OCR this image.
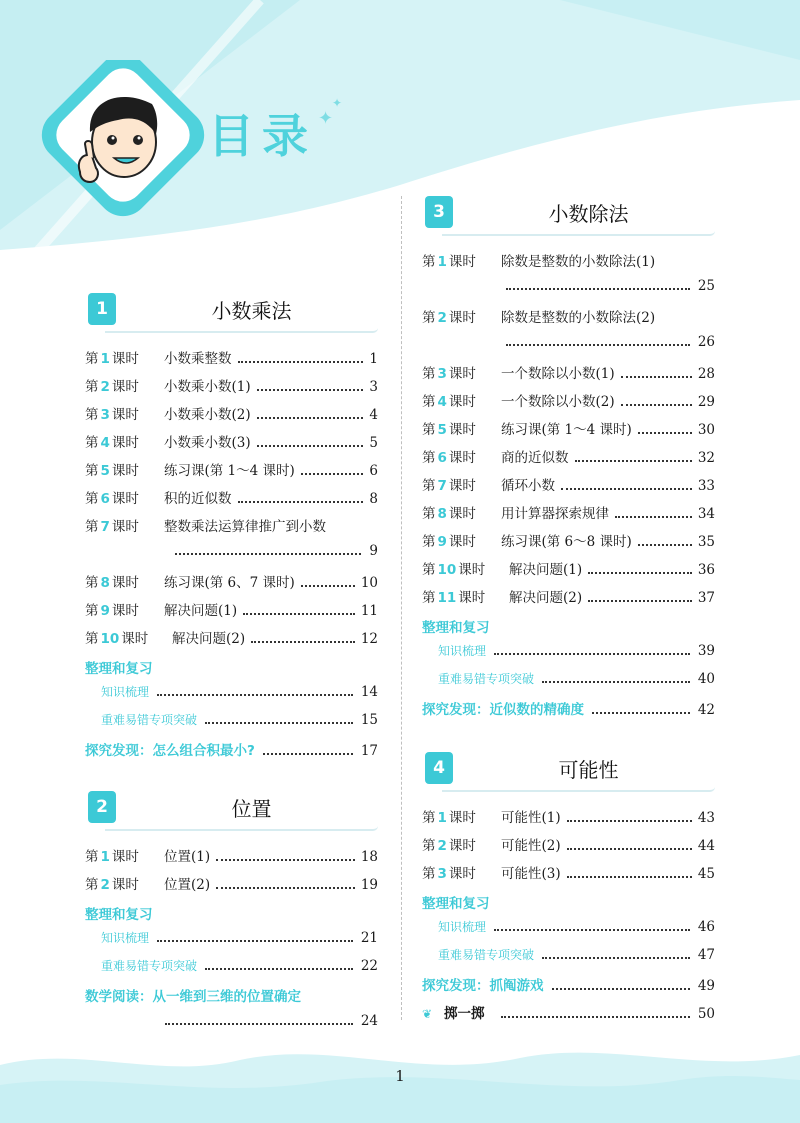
目录 ✦
✦
1	小数乘法
第 1 课时	小数乘整数	1
第 2 课时	小数乘小数(1)	3
第 3 课时	小数乘小数(2)	4
第 4 课时	小数乘小数(3)	5
第 5 课时	练习课(第 1～4 课时)	6
第 6 课时	积的近似数	8
第 7 课时	整数乘法运算律推广到小数
9
第 8 课时	练习课(第 6、7 课时)	10
第 9 课时	解决问题(1)	11
第 10 课时	解决问题(2)	12
整理和复习
知识梳理	14
重难易错专项突破	15
探究发现：怎么组合积最小?	17
2	位置
第 1 课时	位置(1)	18
第 2 课时	位置(2)	19
整理和复习
知识梳理	21
重难易错专项突破	22
数学阅读：从一维到三维的位置确定
24
3	小数除法
第 1 课时	除数是整数的小数除法(1)
25
第 2 课时	除数是整数的小数除法(2)
26
第 3 课时	一个数除以小数(1)	28
第 4 课时	一个数除以小数(2)	29
第 5 课时	练习课(第 1～4 课时)	30
第 6 课时	商的近似数	32
第 7 课时	循环小数	33
第 8 课时	用计算器探索规律	34
第 9 课时	练习课(第 6～8 课时)	35
第 10 课时	解决问题(1)	36
第 11 课时	解决问题(2)	37
整理和复习
知识梳理	39
重难易错专项突破	40
探究发现：近似数的精确度	42
4	可能性
第 1 课时	可能性(1)	43
第 2 课时	可能性(2)	44
第 3 课时	可能性(3)	45
整理和复习
知识梳理	46
重难易错专项突破	47
探究发现：抓阄游戏	49
❦ 掷一掷	50
1
